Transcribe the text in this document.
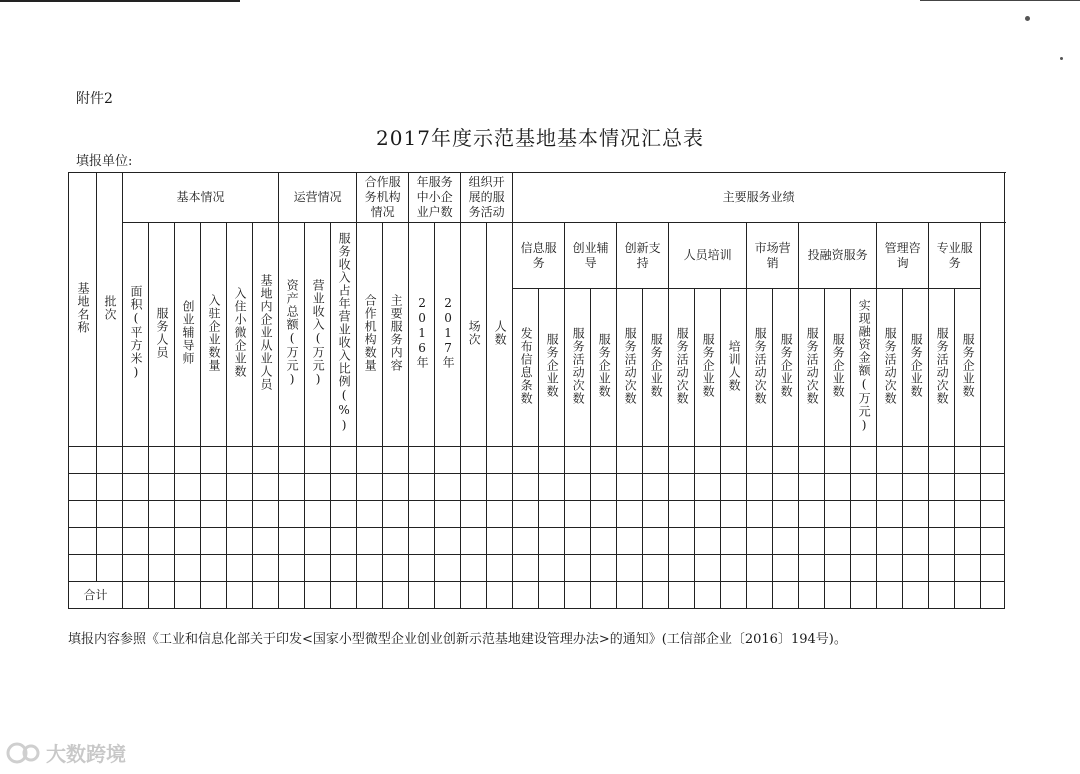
附件2
2017年度示范基地基本情况汇总表
填报单位:
基地名称	批次	基本情况						运营情况			合作服务机构情况		年服务中小企业户数		组织开展的服务活动		主要服务业绩	
		面积(平方米)	服务人员	创业辅导师	入驻企业数量	入住小微企业数	基地内企业从业人员	资产总额(万元)	营业收入(万元)	服务收入占年营业收入比例(%)	合作机构数量	主要服务内容	2016年	2017年	场次	人数	信息服务		创业辅导		创新支持		人员培训			市场营销		投融资服务			管理咨询		专业服务			
																	发布信息条数	服务企业数	服务活动次数	服务企业数	服务活动次数	服务企业数	服务活动次数	服务企业数	培训人数	服务活动次数	服务企业数	服务活动次数	服务企业数	实现融资金额(万元)	服务活动次数	服务企业数	服务活动次数	服务企业数		

合计																																				
填报内容参照《工业和信息化部关于印发<国家小型微型企业创业创新示范基地建设管理办法>的通知》(工信部企业〔2016〕194号)。
大数跨境
